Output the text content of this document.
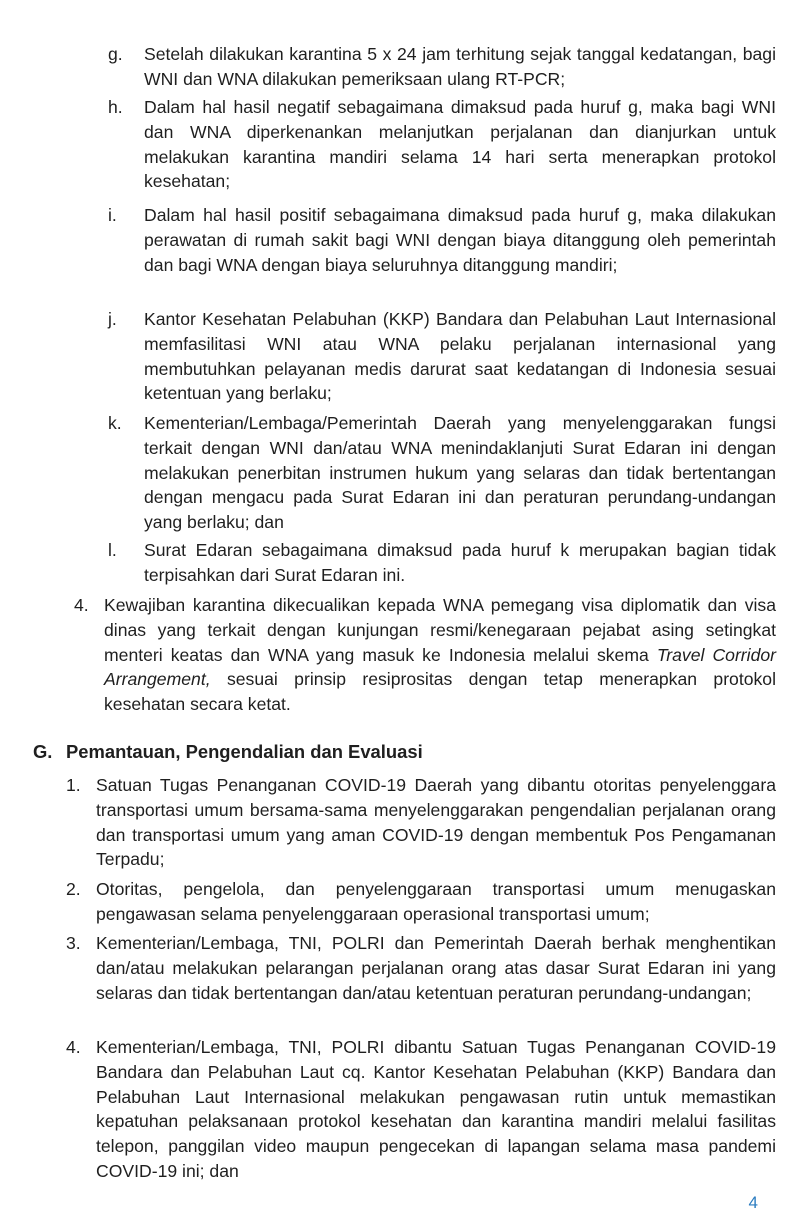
g.	Setelah dilakukan karantina 5 x 24 jam terhitung sejak tanggal kedatangan, bagi WNI dan WNA dilakukan pemeriksaan ulang RT-PCR;
h.	Dalam hal hasil negatif sebagaimana dimaksud pada huruf g, maka bagi WNI dan WNA diperkenankan melanjutkan perjalanan dan dianjurkan untuk melakukan karantina mandiri selama 14 hari serta menerapkan protokol kesehatan;
i.	Dalam hal hasil positif sebagaimana dimaksud pada huruf g, maka dilakukan perawatan di rumah sakit bagi WNI dengan biaya ditanggung oleh pemerintah dan bagi WNA dengan biaya seluruhnya ditanggung mandiri;
j.	Kantor Kesehatan Pelabuhan (KKP) Bandara dan Pelabuhan Laut Internasional memfasilitasi WNI atau WNA pelaku perjalanan internasional yang membutuhkan pelayanan medis darurat saat kedatangan di Indonesia sesuai ketentuan yang berlaku;
k.	Kementerian/Lembaga/Pemerintah Daerah yang menyelenggarakan fungsi terkait dengan WNI dan/atau WNA menindaklanjuti Surat Edaran ini dengan melakukan penerbitan instrumen hukum yang selaras dan tidak bertentangan dengan mengacu pada Surat Edaran ini dan peraturan perundang-undangan yang berlaku; dan
l.	Surat Edaran sebagaimana dimaksud pada huruf k merupakan bagian tidak terpisahkan dari Surat Edaran ini.
4. Kewajiban karantina dikecualikan kepada WNA pemegang visa diplomatik dan visa dinas yang terkait dengan kunjungan resmi/kenegaraan pejabat asing setingkat menteri keatas dan WNA yang masuk ke Indonesia melalui skema Travel Corridor Arrangement, sesuai prinsip resiprositas dengan tetap menerapkan protokol kesehatan secara ketat.
G. Pemantauan, Pengendalian dan Evaluasi
1. Satuan Tugas Penanganan COVID-19 Daerah yang dibantu otoritas penyelenggara transportasi umum bersama-sama menyelenggarakan pengendalian perjalanan orang dan transportasi umum yang aman COVID-19 dengan membentuk Pos Pengamanan Terpadu;
2. Otoritas, pengelola, dan penyelenggaraan transportasi umum menugaskan pengawasan selama penyelenggaraan operasional transportasi umum;
3. Kementerian/Lembaga, TNI, POLRI dan Pemerintah Daerah berhak menghentikan dan/atau melakukan pelarangan perjalanan orang atas dasar Surat Edaran ini yang selaras dan tidak bertentangan dan/atau ketentuan peraturan perundang-undangan;
4. Kementerian/Lembaga, TNI, POLRI dibantu Satuan Tugas Penanganan COVID-19 Bandara dan Pelabuhan Laut cq. Kantor Kesehatan Pelabuhan (KKP) Bandara dan Pelabuhan Laut Internasional melakukan pengawasan rutin untuk memastikan kepatuhan pelaksanaan protokol kesehatan dan karantina mandiri melalui fasilitas telepon, panggilan video maupun pengecekan di lapangan selama masa pandemi COVID-19 ini; dan
4
